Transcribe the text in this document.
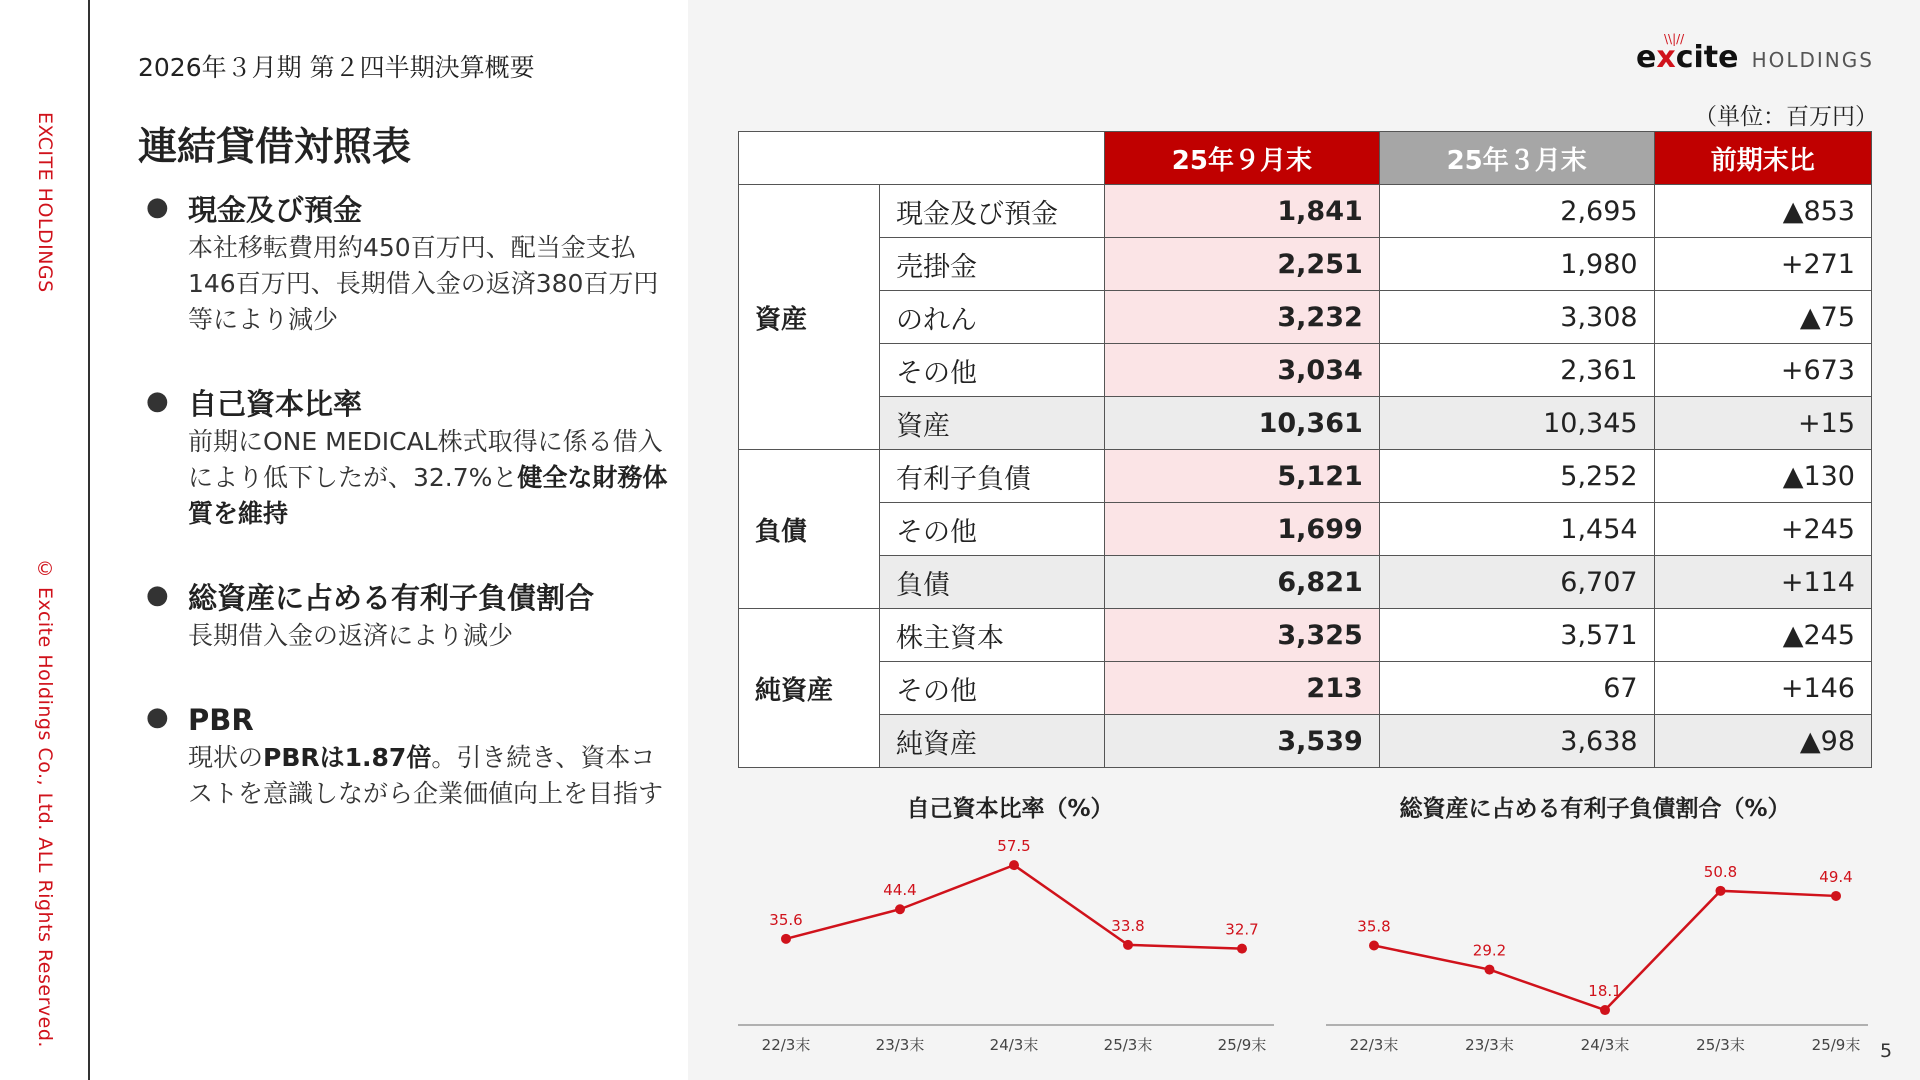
EXCITE HOLDINGS
© Excite Holdings Co., Ltd. ALL Rights Reserved.
2026年３月期 第２四半期決算概要
連結貸借対照表
● 現金及び預金
本社移転費用約450百万円、配当金支払146百万円、長期借入金の返済380百万円等により減少
● 自己資本比率
前期にONE MEDICAL株式取得に係る借入により低下したが、32.7%と健全な財務体質を維持
● 総資産に占める有利子負債割合
長期借入金の返済により減少
● PBR
現状のPBRは1.87倍。引き続き、資本コストを意識しながら企業価値向上を目指す
\\|//
excite HOLDINGS
（単位：百万円）
		25年９月末	25年３月末	前期末比
資産	現金及び預金	1,841	2,695	▲853
	売掛金	2,251	1,980	+271
	のれん	3,232	3,308	▲75
	その他	3,034	2,361	+673
	資産	10,361	10,345	+15
負債	有利子負債	5,121	5,252	▲130
	その他	1,699	1,454	+245
	負債	6,821	6,707	+114
純資産	株主資本	3,325	3,571	▲245
	その他	213	67	+146
	純資産	3,539	3,638	▲98
自己資本比率（%）	総資産に占める有利子負債割合（%）
35.6
22/3末
44.4
23/3末
57.5
24/3末
33.8
25/3末
32.7
25/9末
35.8
22/3末
29.2
23/3末
18.1
24/3末
50.8
25/3末
49.4
25/9末 5
